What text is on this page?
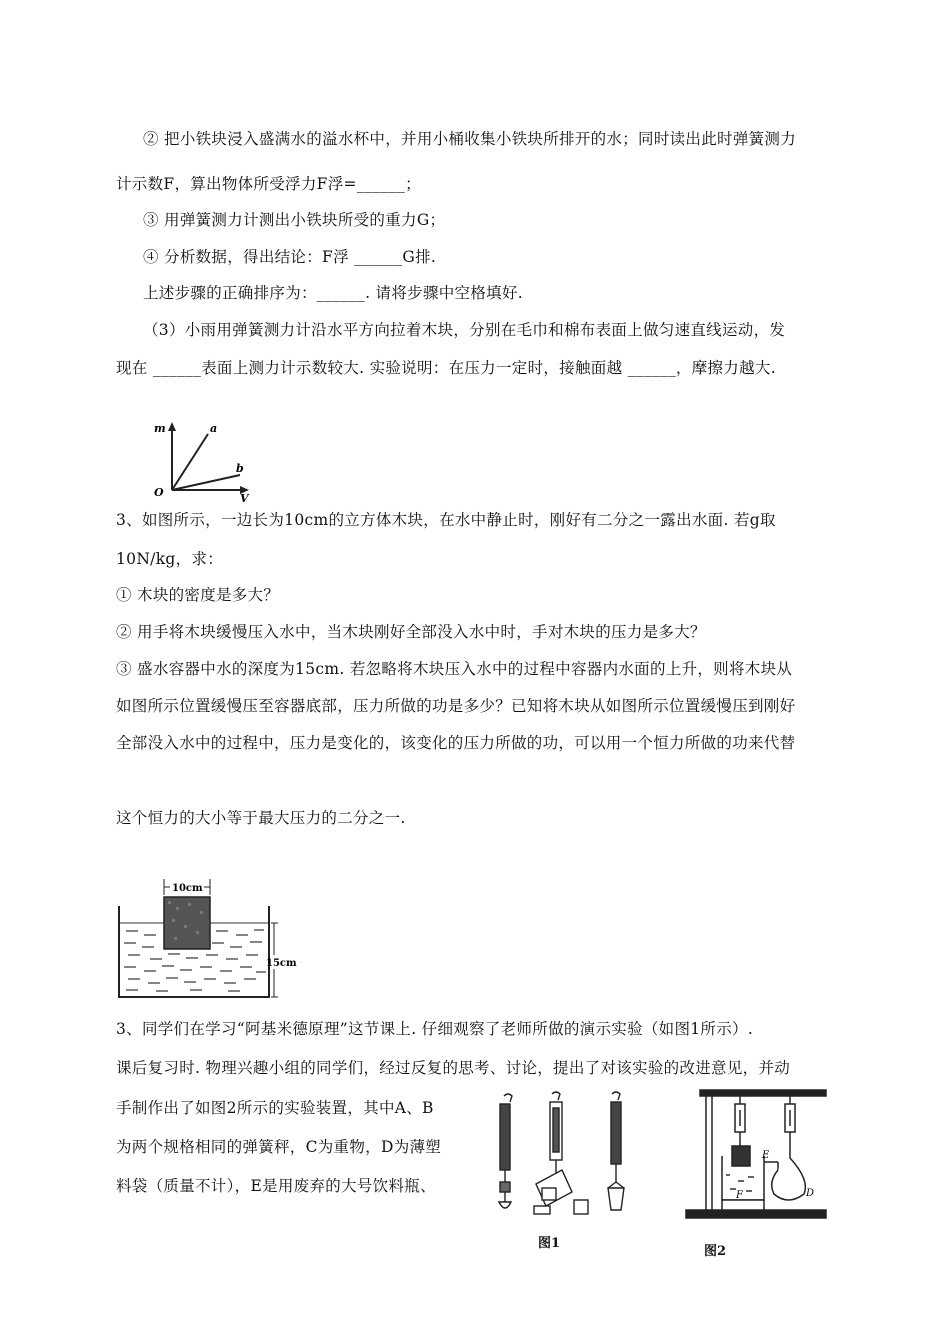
② 把小铁块浸入盛满水的溢水杯中，并用小桶收集小铁块所排开的水；同时读出此时弹簧测力
计示数F，算出物体所受浮力F浮=______；
③ 用弹簧测力计测出小铁块所受的重力G；
④ 分析数据，得出结论：F浮 ______G排.
上述步骤的正确排序为：______. 请将步骤中空格填好.
（3）小雨用弹簧测力计沿水平方向拉着木块，分别在毛巾和棉布表面上做匀速直线运动，发
现在 ______表面上测力计示数较大. 实验说明：在压力一定时，接触面越 ______，摩擦力越大.
m
O
a
b
V
3、如图所示，一边长为10cm的立方体木块，在水中静止时，刚好有二分之一露出水面. 若g取
10N/kg，求：
① 木块的密度是多大？
② 用手将木块缓慢压入水中，当木块刚好全部没入水中时，手对木块的压力是多大？
③ 盛水容器中水的深度为15cm. 若忽略将木块压入水中的过程中容器内水面的上升，则将木块从
如图所示位置缓慢压至容器底部，压力所做的功是多少？已知将木块从如图所示位置缓慢压到刚好
全部没入水中的过程中，压力是变化的，该变化的压力所做的功，可以用一个恒力所做的功来代替
这个恒力的大小等于最大压力的二分之一.
10cm
15cm
3、同学们在学习“阿基米德原理”这节课上. 仔细观察了老师所做的演示实验（如图1所示）.
课后复习时. 物理兴趣小组的同学们，经过反复的思考、讨论，提出了对该实验的改进意见，并动
手制作出了如图2所示的实验装置，其中A、B
为两个规格相同的弹簧秤，C为重物，D为薄塑
料袋（质量不计），E是用废弃的大号饮料瓶、
图1
E
D
F
图2
